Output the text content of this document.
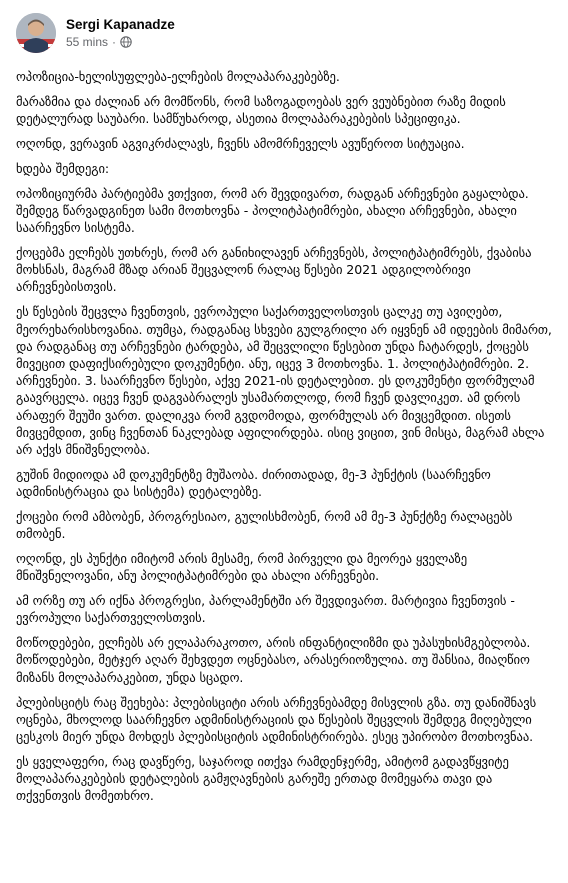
Sergi Kapanadze
55 mins ·

ოპოზიცია-ხელისუფლება-ელჩების მოლაპარაკებებზე.

მარაზმია და ძალიან არ მომწონს, რომ საზოგადოებას ვერ ვეუბნებით რაზე მიდის დეტალურად საუბარი. სამწუხაროდ, ასეთია მოლაპარაკებების სპეციფიკა.

ოღონდ, ვერავინ აგვიკრძალავს, ჩვენს ამომრჩეველს ავუწეროთ სიტუაცია.

ხდება შემდეგი:

ოპოზიციურმა პარტიებმა ვთქვით, რომ არ შევდივართ, რადგან არჩევნები გაყალბდა. შემდეგ წარვადგინეთ სამი მოთხოვნა - პოლიტპატიმრები, ახალი არჩევნები, ახალი საარჩევნო სისტემა.

ქოცებმა ელჩებს უთხრეს, რომ არ განიხილავენ არჩევნებს, პოლიტპატიმრებს, ქვაბისა მოხსნას, მაგრამ მზად არიან შეცვალონ რალაც წესები 2021 ადგილობრივი არჩევნებისთვის.

ეს წესების შეცვლა ჩვენთვის, ევროპული საქართველოსთვის ცალკე თუ ავიღებთ, მეორეხარისხოვანია. თუმცა, რადგანაც სხვები გულგრილი არ იყვნენ ამ იდეების მიმართ, და რადგანაც თუ არჩევნები ტარდება, ამ შეცვლილი წესებით უნდა ჩატარდეს, ქოცებს მივეცით დაფიქსირებული დოკუმენტი. ანუ, იცევ 3 მოთხოვნა. 1. პოლიტპატიმრები. 2. არჩევნები. 3. საარჩევნო წესები, აქვე 2021-ის დეტალებით. ეს დოკუმენტი ფორმულამ გაავრცელა. იცევ ჩვენ დაგვაბრალეს უსამართლოდ, რომ ჩვენ დავლიკეთ. ამ დროს არაფერ შეუში ვართ. დალიკვა რომ გვდომოდა, ფორმულას არ მივცემდით. ისეთს მივცემდით, ვინც ჩვენთან ნაკლებად აფილირდება. ისიც ვიცით, ვინ მისცა, მაგრამ ახლა არ აქვს მნიშვნელობა.

გუშინ მიდიოდა ამ დოკუმენტზე მუშაობა. ძირითადად, მე-3 პუნქტის (საარჩევნო ადმინისტრაცია და სისტემა) დეტალებზე.

ქოცები რომ ამბობენ, პროგრესიაო, გულისხმობენ, რომ ამ მე-3 პუნქტზე რალაცებს თმობენ.

ოღონდ, ეს პუნქტი იმიტომ არის მესამე, რომ პირველი და მეორეა ყველაზე მნიშვნელოვანი, ანუ პოლიტპატიმრები და ახალი არჩევნები.

ამ ორზე თუ არ იქნა პროგრესი, პარლამენტში არ შევდივართ. მარტივია ჩვენთვის - ევროპული საქართველოსთვის.

მოწოდებები, ელჩებს არ ელაპარაკოთო, არის ინფანტილიზმი და უპასუხისმგებლობა. მოწოდებები, მეტჯერ აღარ შეხვდეთ ოცნებასო, არასერიოზულია. თუ შანსია, მიაღწიო მიზანს მოლაპარაკებით, უნდა სცადო.

პლებისციტს რაც შეეხება: პლებისციტი არის არჩევნებამდე მისვლის გზა. თუ დანიშნავს ოცნება, მხოლოდ საარჩევნო ადმინისტრაციის და წესების შეცვლის შემდეგ მიღებული ცესკოს მიერ უნდა მოხდეს პლებისციტის ადმინისტრირება. ესეც უპირობო მოთხოვნაა.

ეს ყველაფერი, რაც დავწერე, საჯაროდ ითქვა რამდენჯერმე, ამიტომ გადავწყვიტე მოლაპარაკებების დეტალების გამჟღავნების გარეშე ერთად მომეყარა თავი და თქვენთვის მომეთხრო.
